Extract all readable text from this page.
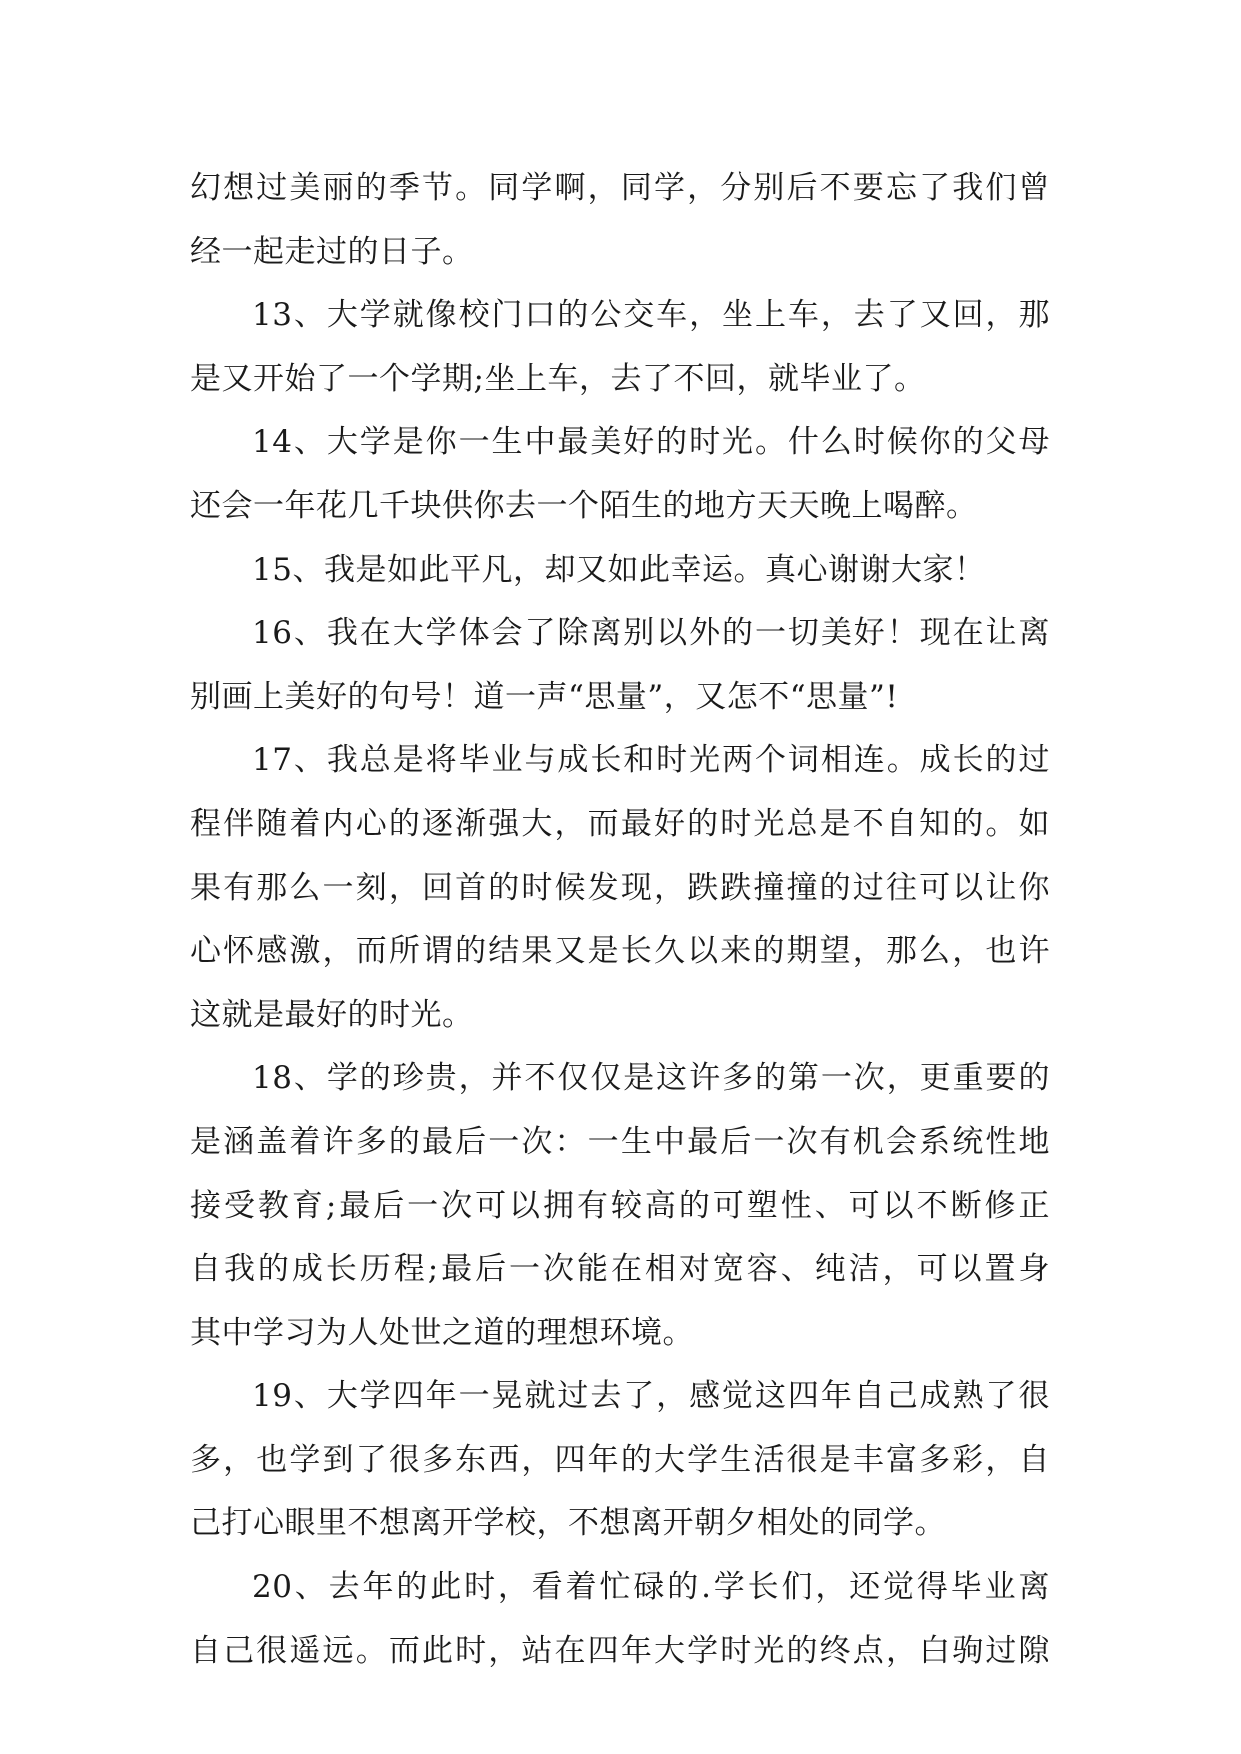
幻想过美丽的季节。同学啊，同学，分别后不要忘了我们曾
经一起走过的日子。
13、大学就像校门口的公交车，坐上车，去了又回，那
是又开始了一个学期;坐上车，去了不回，就毕业了。
14、大学是你一生中最美好的时光。什么时候你的父母
还会一年花几千块供你去一个陌生的地方天天晚上喝醉。
15、我是如此平凡，却又如此幸运。真心谢谢大家！
16、我在大学体会了除离别以外的一切美好！现在让离
别画上美好的句号！道一声“思量”，又怎不“思量”!
17、我总是将毕业与成长和时光两个词相连。成长的过
程伴随着内心的逐渐强大，而最好的时光总是不自知的。如
果有那么一刻，回首的时候发现，跌跌撞撞的过往可以让你
心怀感激，而所谓的结果又是长久以来的期望，那么，也许
这就是最好的时光。
18、学的珍贵，并不仅仅是这许多的第一次，更重要的
是涵盖着许多的最后一次：一生中最后一次有机会系统性地
接受教育;最后一次可以拥有较高的可塑性、可以不断修正
自我的成长历程;最后一次能在相对宽容、纯洁，可以置身
其中学习为人处世之道的理想环境。
19、大学四年一晃就过去了，感觉这四年自己成熟了很
多，也学到了很多东西，四年的大学生活很是丰富多彩，自
己打心眼里不想离开学校，不想离开朝夕相处的同学。
20、去年的此时，看着忙碌的.学长们，还觉得毕业离
自己很遥远。而此时，站在四年大学时光的终点，白驹过隙
